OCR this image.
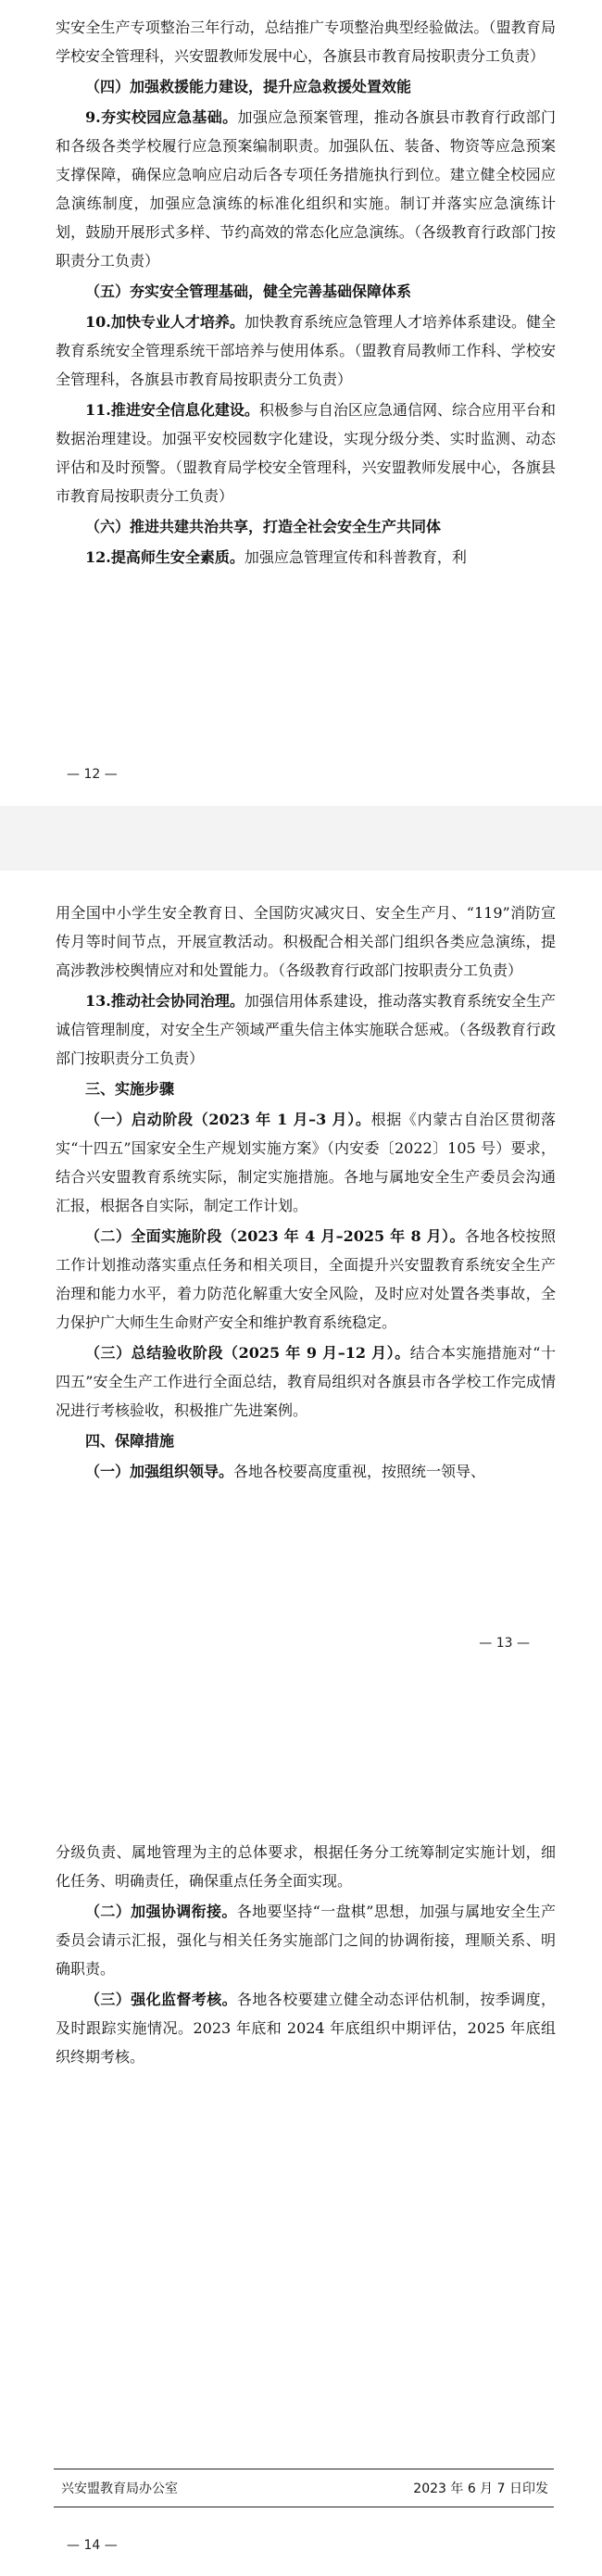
实安全生产专项整治三年行动，总结推广专项整治典型经验做法。（盟教育局学校安全管理科，兴安盟教师发展中心，各旗县市教育局按职责分工负责）

（四）加强救援能力建设，提升应急救援处置效能

9.夯实校园应急基础。加强应急预案管理，推动各旗县市教育行政部门和各级各类学校履行应急预案编制职责。加强队伍、装备、物资等应急预案支撑保障，确保应急响应启动后各专项任务措施执行到位。建立健全校园应急演练制度，加强应急演练的标准化组织和实施。制订并落实应急演练计划，鼓励开展形式多样、节约高效的常态化应急演练。（各级教育行政部门按职责分工负责）

（五）夯实安全管理基础，健全完善基础保障体系

10.加快专业人才培养。加快教育系统应急管理人才培养体系建设。健全教育系统安全管理系统干部培养与使用体系。（盟教育局教师工作科、学校安全管理科，各旗县市教育局按职责分工负责）

11.推进安全信息化建设。积极参与自治区应急通信网、综合应用平台和数据治理建设。加强平安校园数字化建设，实现分级分类、实时监测、动态评估和及时预警。（盟教育局学校安全管理科，兴安盟教师发展中心，各旗县市教育局按职责分工负责）

（六）推进共建共治共享，打造全社会安全生产共同体

12.提高师生安全素质。加强应急管理宣传和科普教育，利

— 12 —

用全国中小学生安全教育日、全国防灾减灾日、安全生产月、“119”消防宣传月等时间节点，开展宣教活动。积极配合相关部门组织各类应急演练，提高涉教涉校舆情应对和处置能力。（各级教育行政部门按职责分工负责）

13.推动社会协同治理。加强信用体系建设，推动落实教育系统安全生产诚信管理制度，对安全生产领域严重失信主体实施联合惩戒。（各级教育行政部门按职责分工负责）

三、实施步骤

（一）启动阶段（2023 年 1 月–3 月）。根据《内蒙古自治区贯彻落实“十四五”国家安全生产规划实施方案》（内安委〔2022〕105 号）要求，结合兴安盟教育系统实际，制定实施措施。各地与属地安全生产委员会沟通汇报，根据各自实际，制定工作计划。

（二）全面实施阶段（2023 年 4 月–2025 年 8 月）。各地各校按照工作计划推动落实重点任务和相关项目，全面提升兴安盟教育系统安全生产治理和能力水平，着力防范化解重大安全风险，及时应对处置各类事故，全力保护广大师生生命财产安全和维护教育系统稳定。

（三）总结验收阶段（2025 年 9 月–12 月）。结合本实施措施对“十四五”安全生产工作进行全面总结，教育局组织对各旗县市各学校工作完成情况进行考核验收，积极推广先进案例。

四、保障措施

（一）加强组织领导。各地各校要高度重视，按照统一领导、

— 13 —

分级负责、属地管理为主的总体要求，根据任务分工统筹制定实施计划，细化任务、明确责任，确保重点任务全面实现。

（二）加强协调衔接。各地要坚持“一盘棋”思想，加强与属地安全生产委员会请示汇报，强化与相关任务实施部门之间的协调衔接，理顺关系、明确职责。

（三）强化监督考核。各地各校要建立健全动态评估机制，按季调度，及时跟踪实施情况。2023 年底和 2024 年底组织中期评估，2025 年底组织终期考核。

兴安盟教育局办公室	2023 年 6 月 7 日印发
— 14 —
